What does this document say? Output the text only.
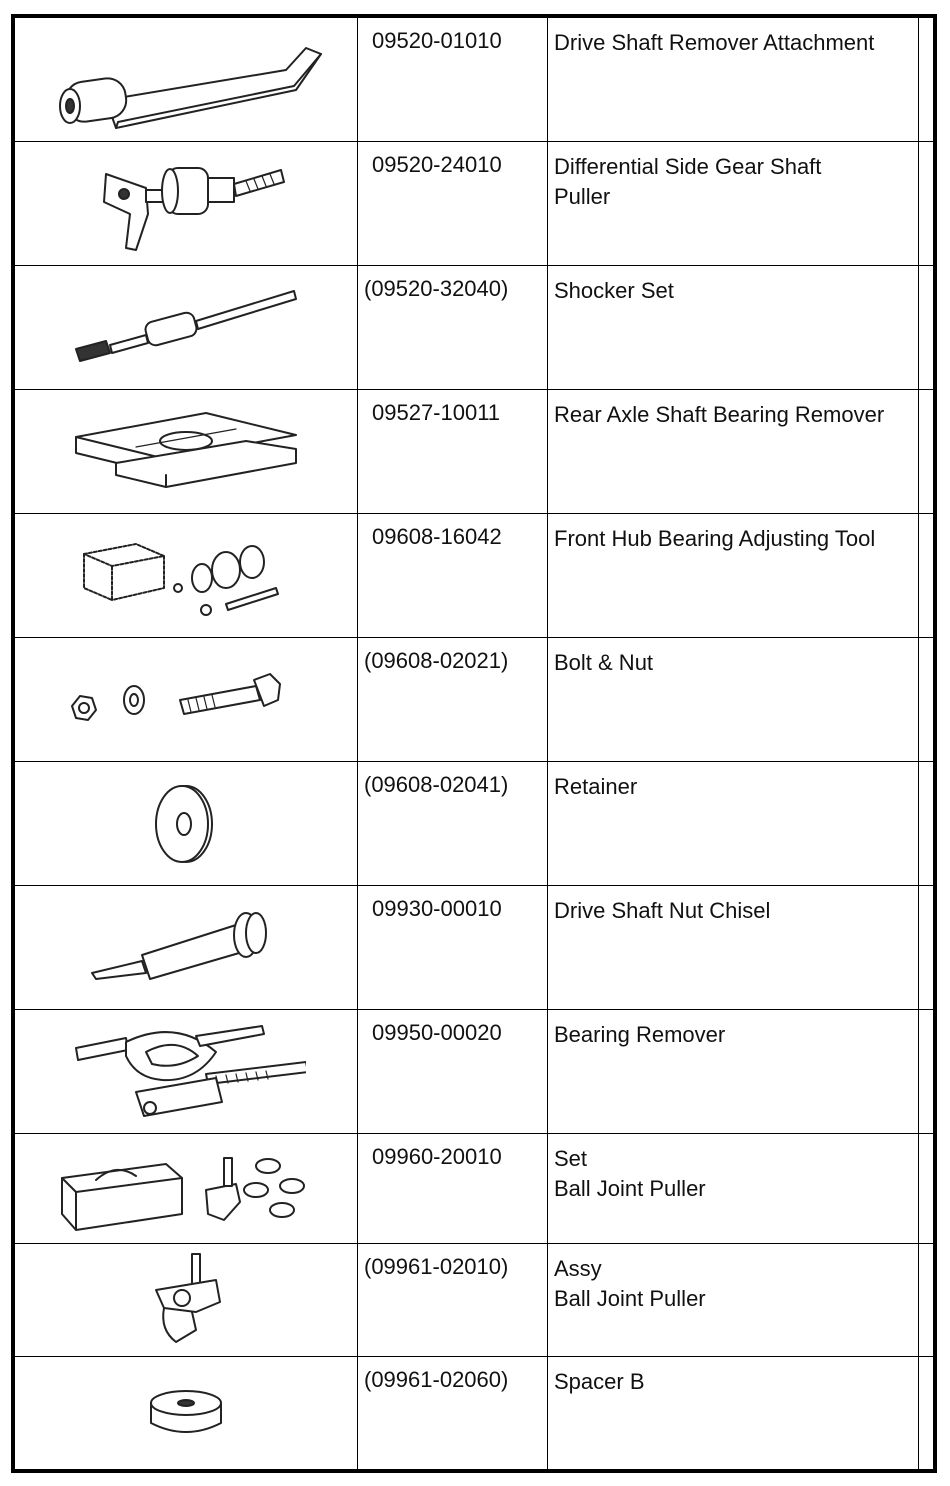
	09520-01010	Drive Shaft Remover Attachment	

	09520-24010	Differential Side Gear Shaft
Puller	

	(09520-32040)	Shocker Set	

	09527-10011	Rear Axle Shaft Bearing Remover	

	09608-16042	Front Hub Bearing Adjusting Tool	

	(09608-02021)	Bolt & Nut	

	(09608-02041)	Retainer	

	09930-00010	Drive Shaft Nut Chisel	

	09950-00020	Bearing Remover	

	09960-20010	Set
Ball Joint Puller	

	(09961-02010)	Assy
Ball Joint Puller	

	(09961-02060)	Spacer B	
